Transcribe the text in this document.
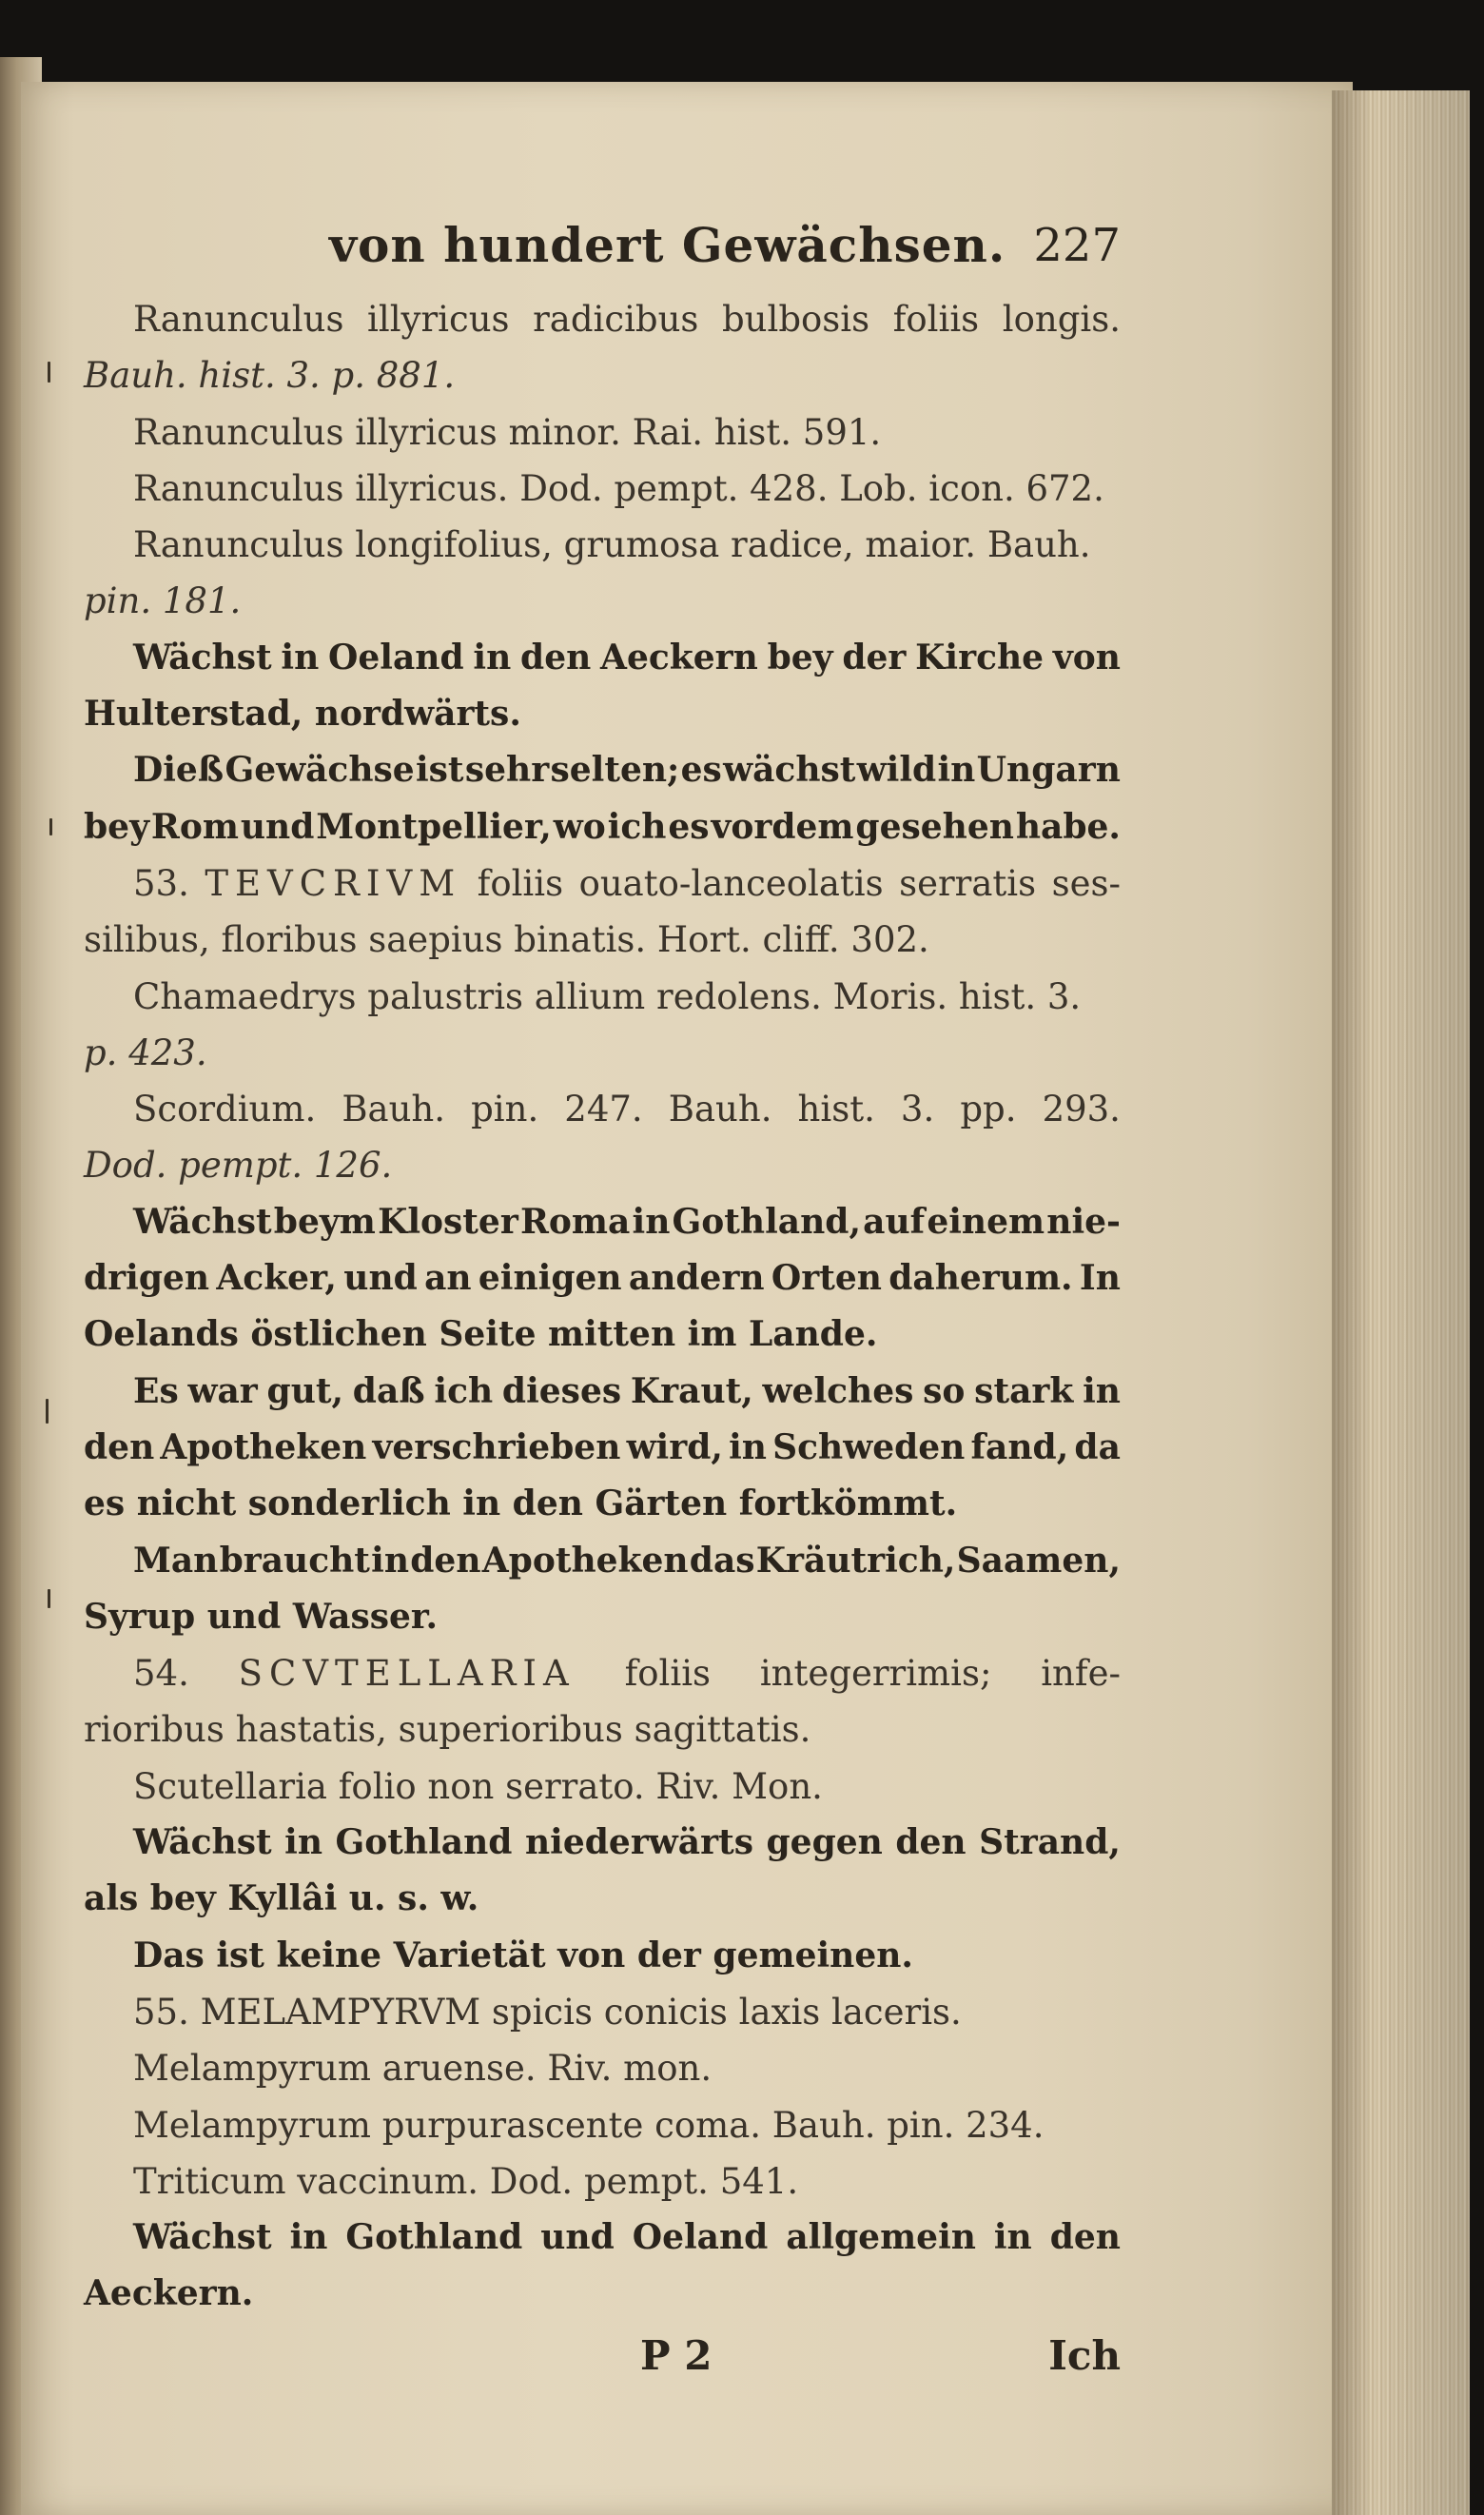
von hundert Gewächsen. 227
Ranunculus illyricus radicibus bulbosis foliis longis.
Bauh. hist. 3. p. 881.
Ranunculus illyricus minor. Rai. hist. 591.
Ranunculus illyricus. Dod. pempt. 428. Lob. icon. 672.
Ranunculus longifolius, grumosa radice, maior. Bauh.
pin. 181.
Wächst in Oeland in den Aeckern bey der Kirche von
Hulterstad, nordwärts.
Dieß Gewächse ist sehr selten; es wächst wild in Ungarn
bey Rom und Montpellier, wo ich es vordem gesehen habe.
53. TEVCRIVM foliis ouato-lanceolatis serratis ses-
silibus, floribus saepius binatis. Hort. cliff. 302.
Chamaedrys palustris allium redolens. Moris. hist. 3.
p. 423.
Scordium. Bauh. pin. 247. Bauh. hist. 3. pp. 293.
Dod. pempt. 126.
Wächst beym Kloster Roma in Gothland, auf einem nie-
drigen Acker, und an einigen andern Orten daherum. In
Oelands östlichen Seite mitten im Lande.
Es war gut, daß ich dieses Kraut, welches so stark in
den Apotheken verschrieben wird, in Schweden fand, da
es nicht sonderlich in den Gärten fortkömmt.
Man braucht in den Apotheken das Kräutrich, Saamen,
Syrup und Wasser.
54. SCVTELLARIA foliis integerrimis; infe-
rioribus hastatis, superioribus sagittatis.
Scutellaria folio non serrato. Riv. Mon.
Wächst in Gothland niederwärts gegen den Strand,
als bey Kyllâi u. s. w.
Das ist keine Varietät von der gemeinen.
55. MELAMPYRVM spicis conicis laxis laceris.
Melampyrum aruense. Riv. mon.
Melampyrum purpurascente coma. Bauh. pin. 234.
Triticum vaccinum. Dod. pempt. 541.
Wächst in Gothland und Oeland allgemein in den
Aeckern.
P 2	Ich
